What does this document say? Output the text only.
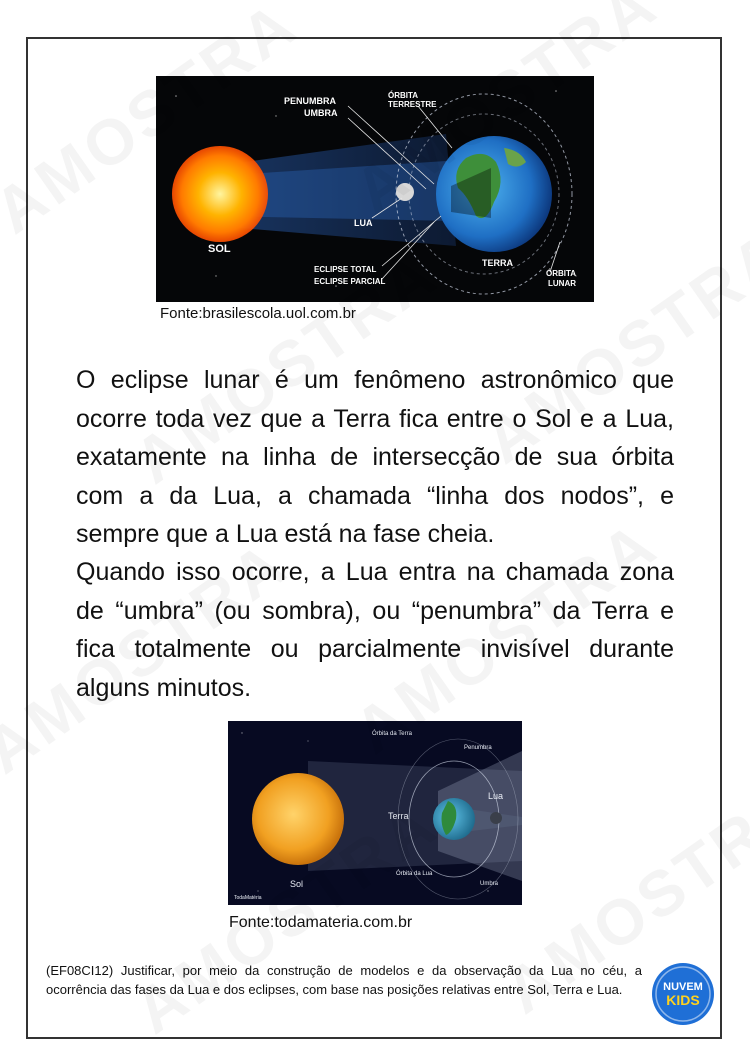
PENUMBRA
UMBRA
ÓRBITA
TERRESTRE
LUA
SOL
TERRA
ECLIPSE TOTAL
ECLIPSE PARCIAL
ÓRBITA
LUNAR
Fonte:brasilescola.uol.com.br

O eclipse lunar é um fenômeno astronômico que ocorre toda vez que a Terra fica entre o Sol e a Lua, exatamente na linha de intersecção de sua órbita com a da Lua, a chamada “linha dos nodos”, e sempre que a Lua está na fase cheia.

Quando isso ocorre, a Lua entra na chamada zona de “umbra” (ou sombra), ou “penumbra” da Terra e fica totalmente ou parcialmente invisível durante alguns minutos.

Órbita da Terra
Penumbra
Lua
Terra
Sol
Órbita da Lua
Umbra
TodaMatéria
Fonte:todamateria.com.br

(EF08CI12) Justificar, por meio da construção de modelos e da observação da Lua no céu, a ocorrência das fases da Lua e dos eclipses, com base nas posições relativas entre Sol, Terra e Lua.	NUVEM
KIDS
